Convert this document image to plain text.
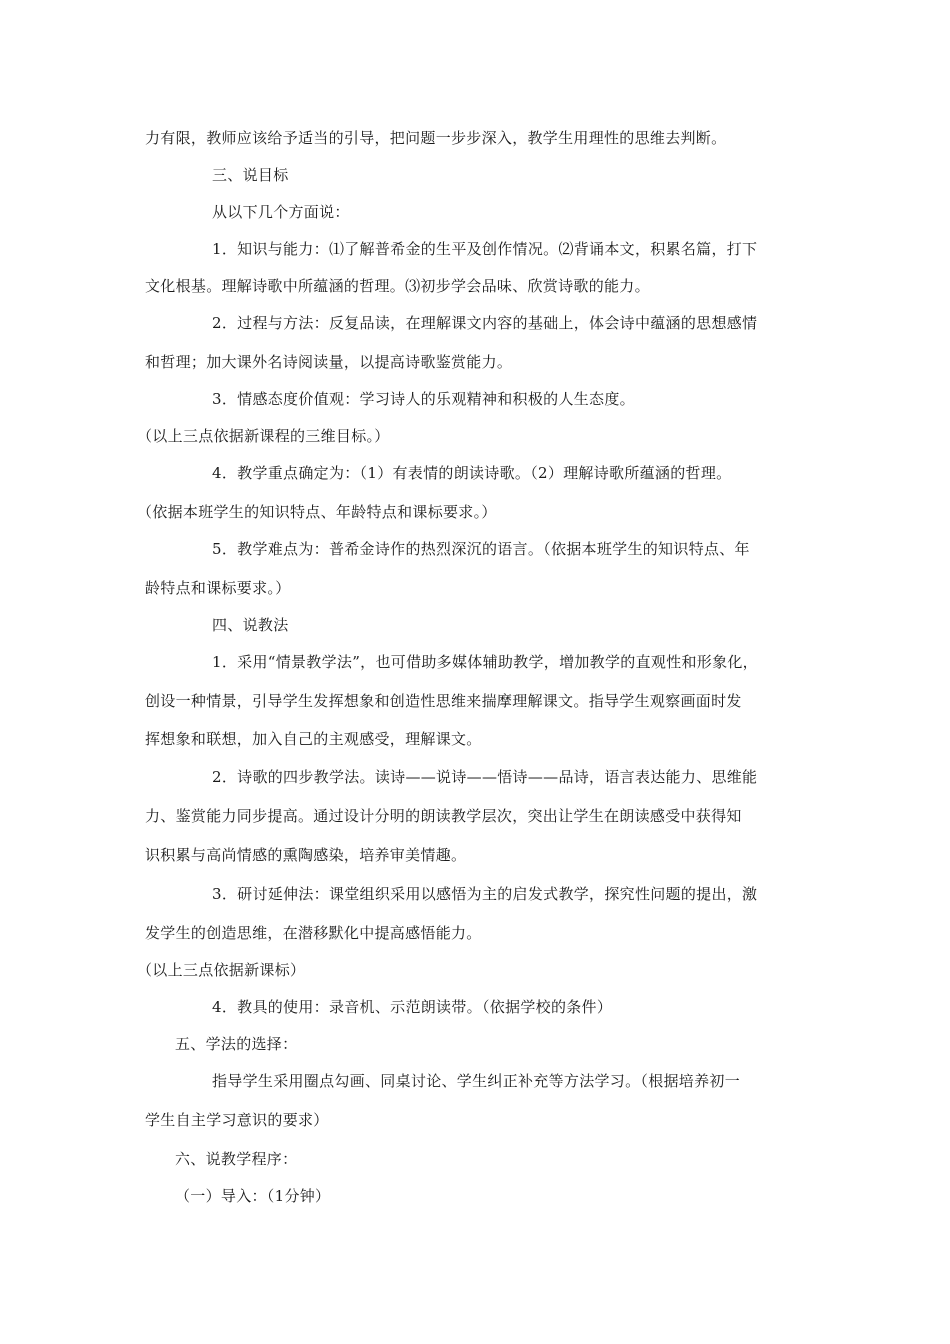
力有限，教师应该给予适当的引导，把问题一步步深入，教学生用理性的思维去判断。
三、说目标
从以下几个方面说：
1．知识与能力：⑴了解普希金的生平及创作情况。⑵背诵本文，积累名篇，打下
文化根基。理解诗歌中所蕴涵的哲理。⑶初步学会品味、欣赏诗歌的能力。
2．过程与方法：反复品读，在理解课文内容的基础上，体会诗中蕴涵的思想感情
和哲理；加大课外名诗阅读量，以提高诗歌鉴赏能力。
3．情感态度价值观：学习诗人的乐观精神和积极的人生态度。
（以上三点依据新课程的三维目标。）
4．教学重点确定为：（1）有表情的朗读诗歌。（2）理解诗歌所蕴涵的哲理。
（依据本班学生的知识特点、年龄特点和课标要求。）
5．教学难点为：普希金诗作的热烈深沉的语言。（依据本班学生的知识特点、年
龄特点和课标要求。）
四、说教法
1．采用“情景教学法”，也可借助多媒体辅助教学，增加教学的直观性和形象化，
创设一种情景，引导学生发挥想象和创造性思维来揣摩理解课文。指导学生观察画面时发
挥想象和联想，加入自己的主观感受，理解课文。
2．诗歌的四步教学法。读诗——说诗——悟诗——品诗，语言表达能力、思维能
力、鉴赏能力同步提高。通过设计分明的朗读教学层次，突出让学生在朗读感受中获得知
识积累与高尚情感的熏陶感染，培养审美情趣。
3．研讨延伸法：课堂组织采用以感悟为主的启发式教学，探究性问题的提出，激
发学生的创造思维，在潜移默化中提高感悟能力。
（以上三点依据新课标）
4．教具的使用：录音机、示范朗读带。（依据学校的条件）
五、学法的选择：
指导学生采用圈点勾画、同桌讨论、学生纠正补充等方法学习。（根据培养初一
学生自主学习意识的要求）
六、说教学程序：
（一）导入：（1分钟）
